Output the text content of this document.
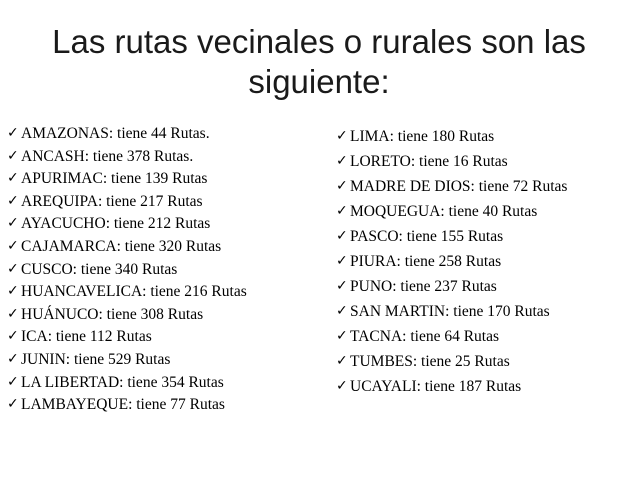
Las rutas vecinales o rurales son las
siguiente:
✓ AMAZONAS: tiene 44 Rutas.
✓ ANCASH: tiene 378 Rutas.
✓ APURIMAC: tiene 139 Rutas
✓ AREQUIPA: tiene 217 Rutas
✓ AYACUCHO: tiene 212 Rutas
✓ CAJAMARCA: tiene 320 Rutas
✓ CUSCO: tiene 340 Rutas
✓ HUANCAVELICA: tiene 216 Rutas
✓ HUÁNUCO: tiene 308 Rutas
✓ ICA: tiene 112 Rutas
✓ JUNIN: tiene 529 Rutas
✓ LA LIBERTAD: tiene 354 Rutas
✓ LAMBAYEQUE: tiene 77 Rutas
✓ LIMA: tiene 180 Rutas
✓ LORETO: tiene 16 Rutas
✓ MADRE DE DIOS: tiene 72 Rutas
✓ MOQUEGUA: tiene 40 Rutas
✓ PASCO: tiene 155 Rutas
✓ PIURA: tiene 258 Rutas
✓ PUNO: tiene 237 Rutas
✓ SAN MARTIN: tiene 170 Rutas
✓ TACNA: tiene 64 Rutas
✓ TUMBES: tiene 25 Rutas
✓ UCAYALI: tiene 187 Rutas
